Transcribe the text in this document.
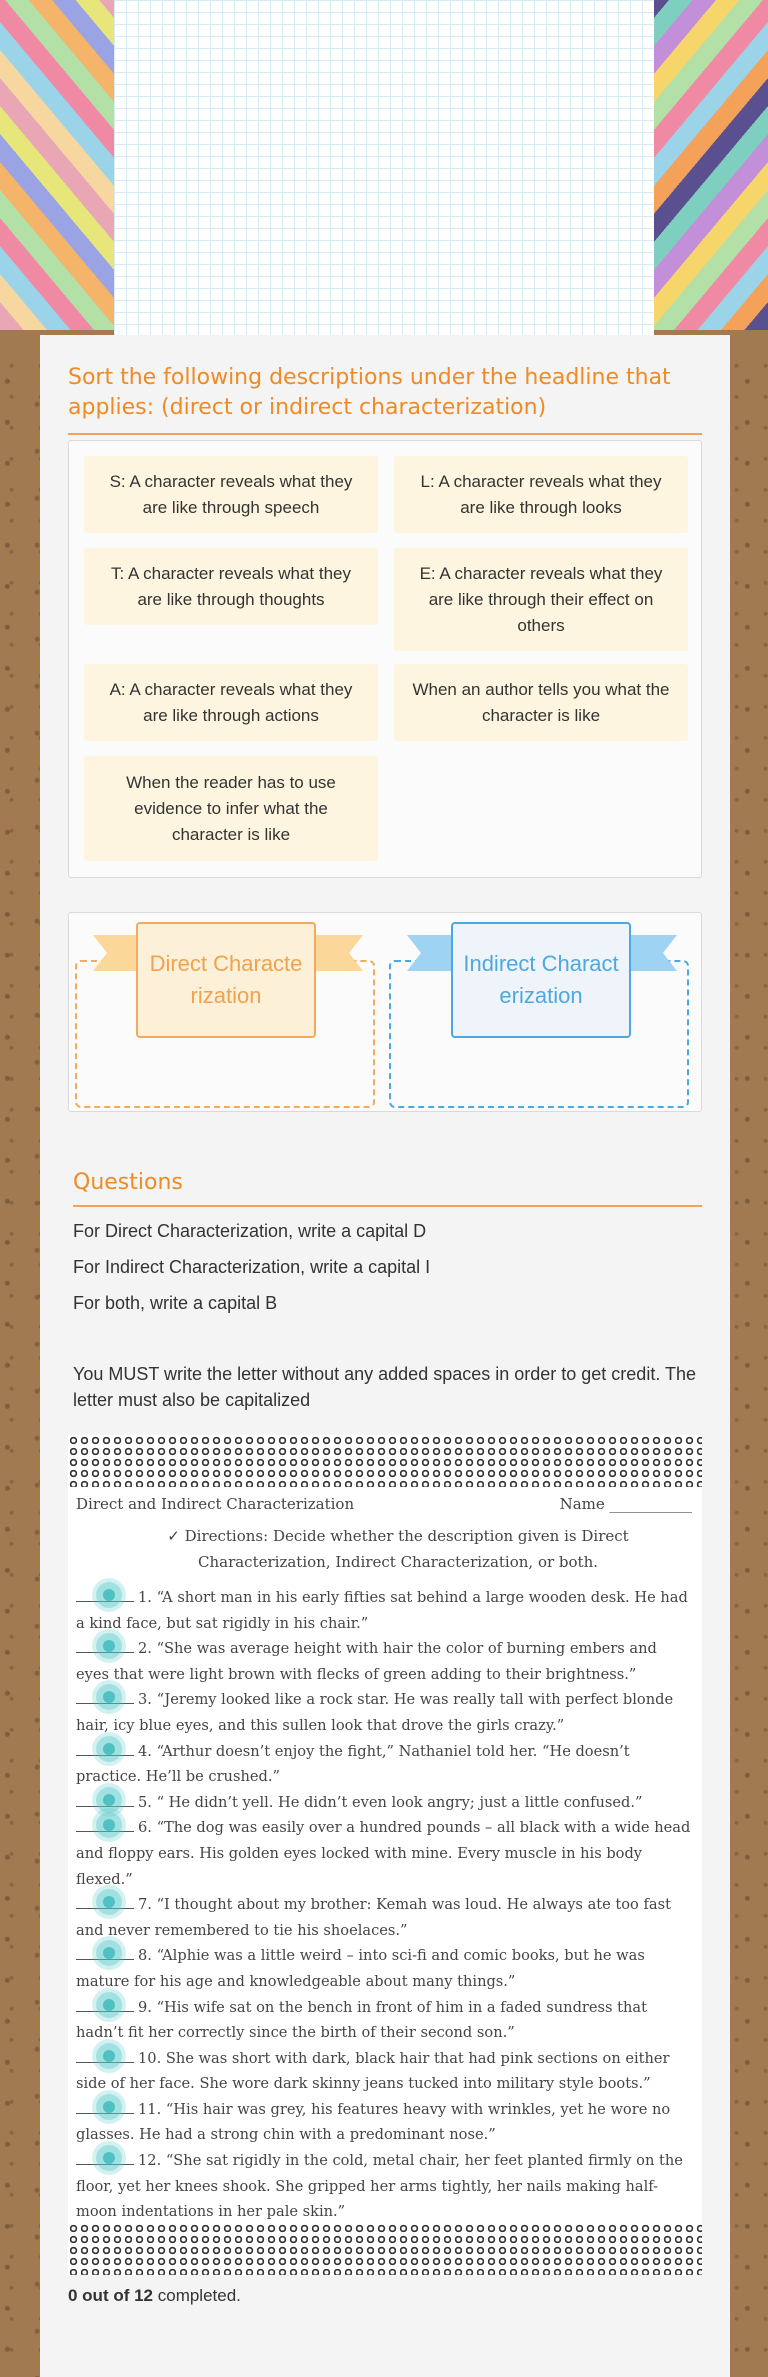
Sort the following descriptions under the headline that applies: (direct or indirect characterization)
S: A character reveals what they are like through speech
L: A character reveals what they are like through looks
T: A character reveals what they are like through thoughts
E: A character reveals what they are like through their effect on others
A: A character reveals what they are like through actions
When an author tells you what the character is like
When the reader has to use evidence to infer what the character is like
Direct Characterization
Indirect Characterization
Questions
For Direct Characterization, write a capital D
For Indirect Characterization, write a capital I
For both, write a capital B
You MUST write the letter without any added spaces in order to get credit. The letter must also be capitalized
Direct and Indirect Characterization	Name ___________
✓ Directions: Decide whether the description given is Direct Characterization, Indirect Characterization, or both.
1. “A short man in his early fifties sat behind a large wooden desk. He had a kind face, but sat rigidly in his chair.”
2. “She was average height with hair the color of burning embers and eyes that were light brown with flecks of green adding to their brightness.”
3. “Jeremy looked like a rock star. He was really tall with perfect blonde hair, icy blue eyes, and this sullen look that drove the girls crazy.”
4. “Arthur doesn’t enjoy the fight,” Nathaniel told her. “He doesn’t practice. He’ll be crushed.”
5. “ He didn’t yell. He didn’t even look angry; just a little confused.”
6. “The dog was easily over a hundred pounds – all black with a wide head and floppy ears. His golden eyes locked with mine. Every muscle in his body flexed.”
7. “I thought about my brother: Kemah was loud. He always ate too fast and never remembered to tie his shoelaces.”
8. “Alphie was a little weird – into sci-fi and comic books, but he was mature for his age and knowledgeable about many things.”
9. “His wife sat on the bench in front of him in a faded sundress that hadn’t fit her correctly since the birth of their second son.”
10. She was short with dark, black hair that had pink sections on either side of her face. She wore dark skinny jeans tucked into military style boots.”
11. “His hair was grey, his features heavy with wrinkles, yet he wore no glasses. He had a strong chin with a predominant nose.”
12. “She sat rigidly in the cold, metal chair, her feet planted firmly on the floor, yet her knees shook. She gripped her arms tightly, her nails making half-moon indentations in her pale skin.”
0 out of 12 completed.
